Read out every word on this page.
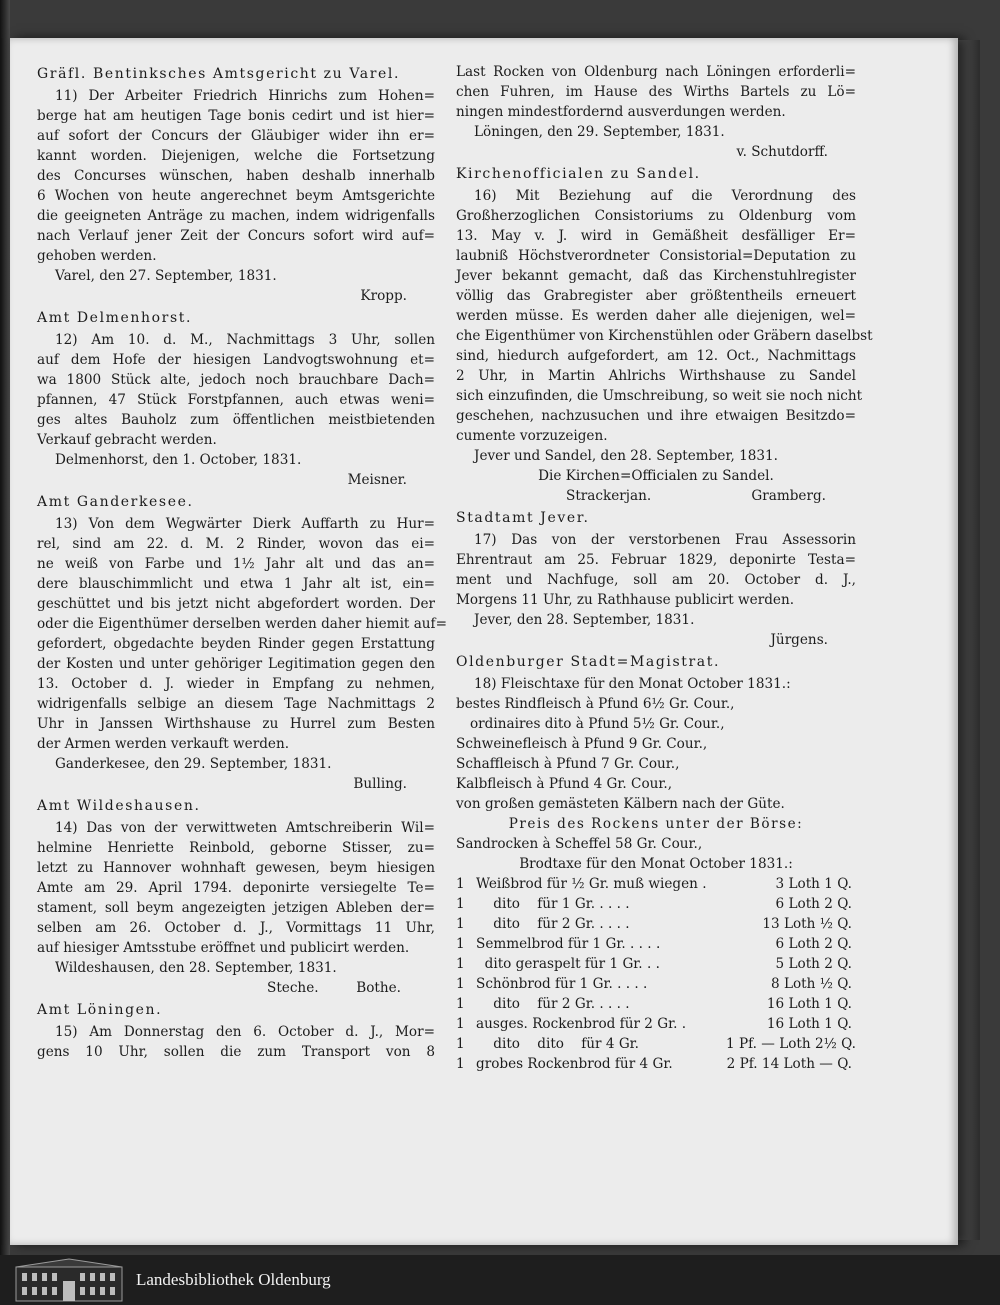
Gräfl. Bentinksches Amtsgericht zu Varel.
11) Der Arbeiter Friedrich Hinrichs zum Hohen=
berge hat am heutigen Tage bonis cedirt und ist hier=
auf sofort der Concurs der Gläubiger wider ihn er=
kannt worden. Diejenigen, welche die Fortsetzung
des Concurses wünschen, haben deshalb innerhalb
6 Wochen von heute angerechnet beym Amtsgerichte
die geeigneten Anträge zu machen, indem widrigenfalls
nach Verlauf jener Zeit der Concurs sofort wird auf=
gehoben werden.
Varel, den 27. September, 1831.
Kropp.
Amt Delmenhorst.
12) Am 10. d. M., Nachmittags 3 Uhr, sollen
auf dem Hofe der hiesigen Landvogtswohnung et=
wa 1800 Stück alte, jedoch noch brauchbare Dach=
pfannen, 47 Stück Forstpfannen, auch etwas weni=
ges altes Bauholz zum öffentlichen meistbietenden
Verkauf gebracht werden.
Delmenhorst, den 1. October, 1831.
Meisner.
Amt Ganderkesee.
13) Von dem Wegwärter Dierk Auffarth zu Hur=
rel, sind am 22. d. M. 2 Rinder, wovon das ei=
ne weiß von Farbe und 1½ Jahr alt und das an=
dere blauschimmlicht und etwa 1 Jahr alt ist, ein=
geschüttet und bis jetzt nicht abgefordert worden. Der
oder die Eigenthümer derselben werden daher hiemit auf=
gefordert, obgedachte beyden Rinder gegen Erstattung
der Kosten und unter gehöriger Legitimation gegen den
13. October d. J. wieder in Empfang zu nehmen,
widrigenfalls selbige an diesem Tage Nachmittags 2
Uhr in Janssen Wirthshause zu Hurrel zum Besten
der Armen werden verkauft werden.
Ganderkesee, den 29. September, 1831.
Bulling.
Amt Wildeshausen.
14) Das von der verwittweten Amtschreiberin Wil=
helmine Henriette Reinbold, geborne Stisser, zu=
letzt zu Hannover wohnhaft gewesen, beym hiesigen
Amte am 29. April 1794. deponirte versiegelte Te=
stament, soll beym angezeigten jetzigen Ableben der=
selben am 26. October d. J., Vormittags 11 Uhr,
auf hiesiger Amtsstube eröffnet und publicirt werden.
Wildeshausen, den 28. September, 1831.
Steche.	Bothe.
Amt Löningen.
15) Am Donnerstag den 6. October d. J., Mor=
gens 10 Uhr, sollen die zum Transport von 8
Last Rocken von Oldenburg nach Löningen erforderli=
chen Fuhren, im Hause des Wirths Bartels zu Lö=
ningen mindestfordernd ausverdungen werden.
Löningen, den 29. September, 1831.
v. Schutdorff.
Kirchenofficialen zu Sandel.
16) Mit Beziehung auf die Verordnung des
Großherzoglichen Consistoriums zu Oldenburg vom
13. May v. J. wird in Gemäßheit desfälliger Er=
laubniß Höchstverordneter Consistorial=Deputation zu
Jever bekannt gemacht, daß das Kirchenstuhlregister
völlig das Grabregister aber größtentheils erneuert
werden müsse. Es werden daher alle diejenigen, wel=
che Eigenthümer von Kirchenstühlen oder Gräbern daselbst
sind, hiedurch aufgefordert, am 12. Oct., Nachmittags
2 Uhr, in Martin Ahlrichs Wirthshause zu Sandel
sich einzufinden, die Umschreibung, so weit sie noch nicht
geschehen, nachzusuchen und ihre etwaigen Besitzdo=
cumente vorzuzeigen.
Jever und Sandel, den 28. September, 1831.
Die Kirchen=Officialen zu Sandel.
Strackerjan.	Gramberg.
Stadtamt Jever.
17) Das von der verstorbenen Frau Assessorin
Ehrentraut am 25. Februar 1829, deponirte Testa=
ment und Nachfuge, soll am 20. October d. J.,
Morgens 11 Uhr, zu Rathhause publicirt werden.
Jever, den 28. September, 1831.
Jürgens.
Oldenburger Stadt=Magistrat.
18) Fleischtaxe für den Monat October 1831.:
bestes Rindfleisch à Pfund 6½ Gr. Cour.,
ordinaires dito à Pfund 5½ Gr. Cour.,
Schweinefleisch à Pfund 9 Gr. Cour.,
Schaffleisch à Pfund 7 Gr. Cour.,
Kalbfleisch à Pfund 4 Gr. Cour.,
von großen gemästeten Kälbern nach der Güte.
Preis des Rockens unter der Börse:
Sandrocken à Scheffel 58 Gr. Cour.,
Brodtaxe für den Monat October 1831.:
1 Weißbrod für ½ Gr. muß wiegen .	3 Loth 1 Q.
1 dito    für 1 Gr. . . . .	6 Loth 2 Q.
1 dito    für 2 Gr. . . . .	13 Loth ½ Q.
1 Semmelbrod für 1 Gr. . . . .	6 Loth 2 Q.
1 dito geraspelt für 1 Gr. . .	5 Loth 2 Q.
1 Schönbrod für 1 Gr. . . . .	8 Loth ½ Q.
1 dito    für 2 Gr. . . . .	16 Loth 1 Q.
1 ausges. Rockenbrod für 2 Gr. .	16 Loth 1 Q.
1 dito    dito    für 4 Gr.	1 Pf. — Loth 2½ Q.
1 grobes Rockenbrod für 4 Gr.	2 Pf. 14 Loth — Q.
Landesbibliothek Oldenburg
